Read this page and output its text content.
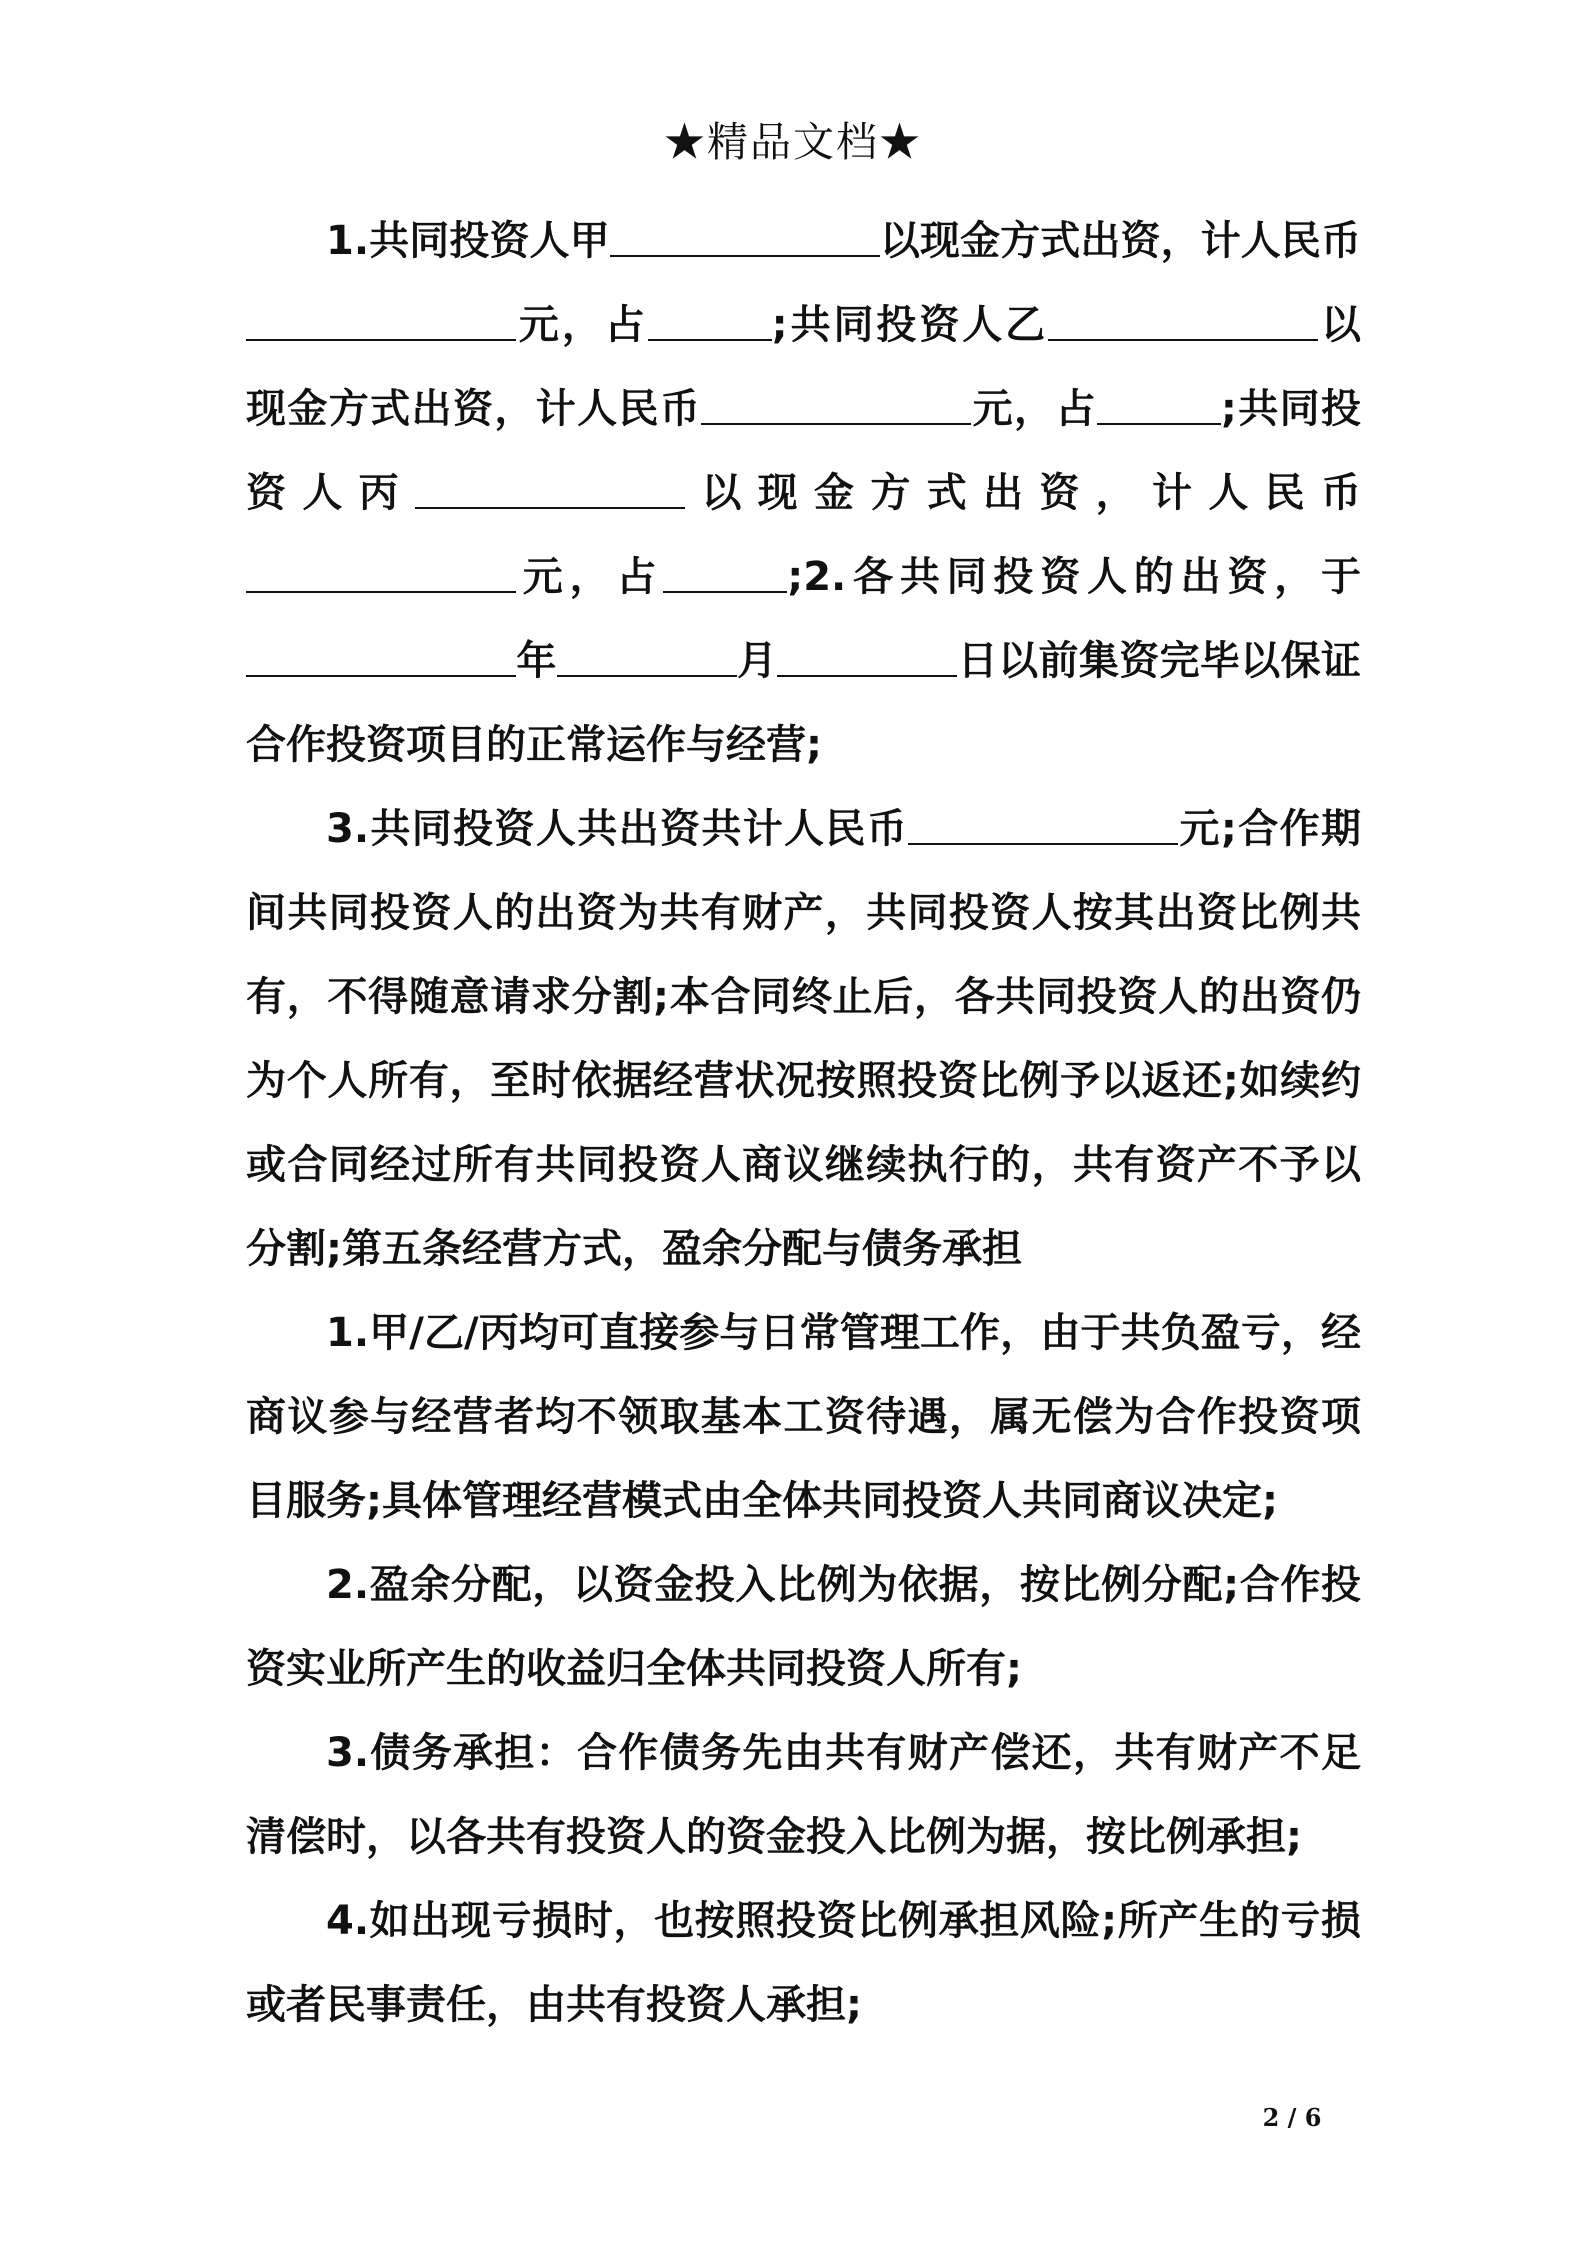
★精品文档★

1.共同投资人甲	以现金方式出资，计人民币元，占	;共同投资人乙	以现金方式出资，计人民币	元，占	;共同投资人丙	以现金方式出资，计人民币元，占	;2.各共同投资人的出资，于年	月	日以前集资完毕以保证合作投资项目的正常运作与经营;

3.共同投资人共出资共计人民币	元;合作期间共同投资人的出资为共有财产，共同投资人按其出资比例共有，不得随意请求分割;本合同终止后，各共同投资人的出资仍为个人所有，至时依据经营状况按照投资比例予以返还;如续约或合同经过所有共同投资人商议继续执行的，共有资产不予以分割;第五条经营方式，盈余分配与债务承担

1.甲/乙/丙均可直接参与日常管理工作，由于共负盈亏，经商议参与经营者均不领取基本工资待遇，属无偿为合作投资项目服务;具体管理经营模式由全体共同投资人共同商议决定;

2.盈余分配，以资金投入比例为依据，按比例分配;合作投资实业所产生的收益归全体共同投资人所有;

3.债务承担：合作债务先由共有财产偿还，共有财产不足清偿时，以各共有投资人的资金投入比例为据，按比例承担;

4.如出现亏损时，也按照投资比例承担风险;所产生的亏损或者民事责任，由共有投资人承担;

2 / 6
